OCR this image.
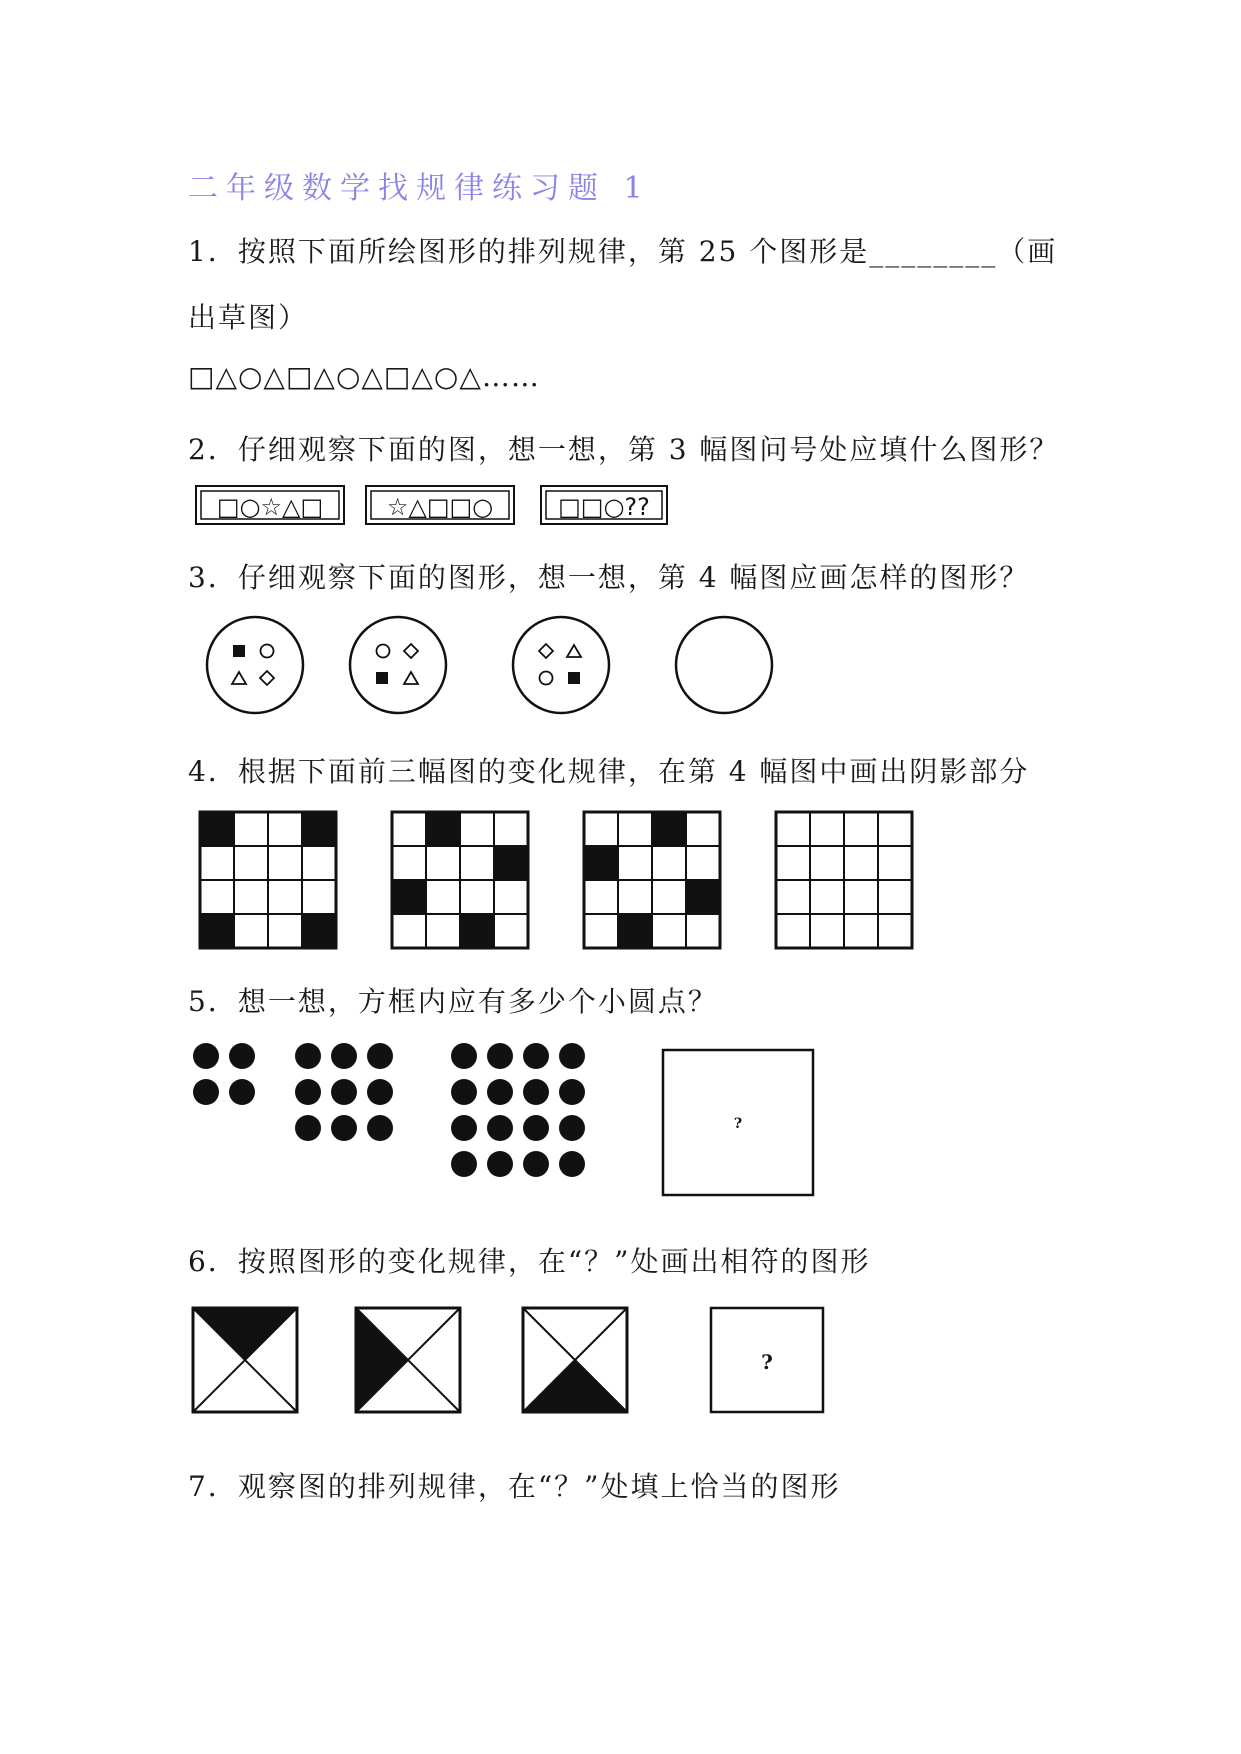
二年级数学找规律练习题 1
1．按照下面所绘图形的排列规律，第 25 个图形是________（画
出草图）
□△○△□△○△□△○△……
2．仔细观察下面的图，想一想，第 3 幅图问号处应填什么图形？
□○☆△□	☆△□□○	□□○??
3．仔细观察下面的图形，想一想，第 4 幅图应画怎样的图形？
4．根据下面前三幅图的变化规律，在第 4 幅图中画出阴影部分
5．想一想，方框内应有多少个小圆点？
?
6．按照图形的变化规律，在“？”处画出相符的图形
?
7．观察图的排列规律，在“？”处填上恰当的图形
